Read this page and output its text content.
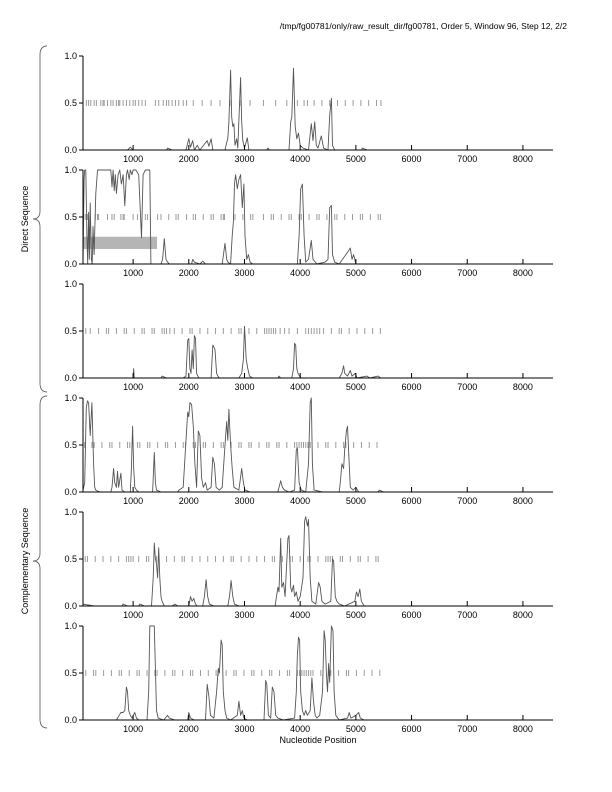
/tmp/fg00781/only/raw_result_dir/fg00781, Order 5, Window 96, Step 12, 2/2
Direct Sequence
Complementary Sequence
0.0
0.5
1.0
1000	2000	3000	4000	5000	6000	7000	8000
0.0
0.5
1.0
1000	2000	3000	4000	5000	6000	7000	8000
0.0
0.5
1.0
1000	2000	3000	4000	5000	6000	7000	8000
0.0
0.5
1.0
1000	2000	3000	4000	5000	6000	7000	8000
0.0
0.5
1.0
1000	2000	3000	4000	5000	6000	7000	8000
0.0
0.5
1.0
1000	2000	3000	4000	5000	6000	7000	8000
Nucleotide Position
